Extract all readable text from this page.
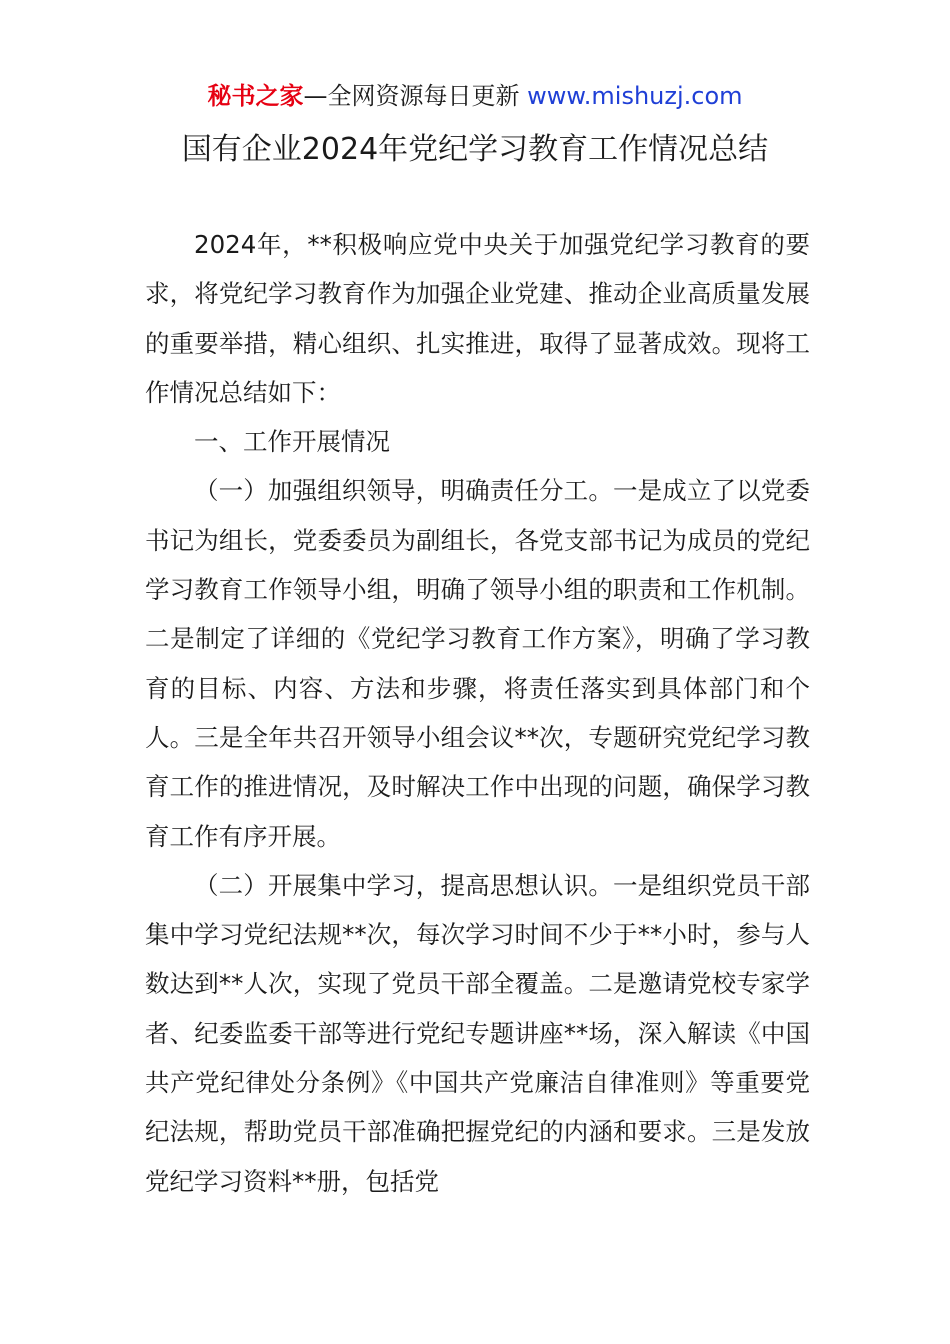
秘书之家—全网资源每日更新 www.mishuzj.com
国有企业2024年党纪学习教育工作情况总结

2024年，**积极响应党中央关于加强党纪学习教育的要求，将党纪学习教育作为加强企业党建、推动企业高质量发展的重要举措，精心组织、扎实推进，取得了显著成效。现将工作情况总结如下：

一、工作开展情况

（一）加强组织领导，明确责任分工。一是成立了以党委书记为组长，党委委员为副组长，各党支部书记为成员的党纪学习教育工作领导小组，明确了领导小组的职责和工作机制。二是制定了详细的《党纪学习教育工作方案》，明确了学习教育的目标、内容、方法和步骤，将责任落实到具体部门和个人。三是全年共召开领导小组会议**次，专题研究党纪学习教育工作的推进情况，及时解决工作中出现的问题，确保学习教育工作有序开展。

（二）开展集中学习，提高思想认识。一是组织党员干部集中学习党纪法规**次，每次学习时间不少于**小时，参与人数达到**人次，实现了党员干部全覆盖。二是邀请党校专家学者、纪委监委干部等进行党纪专题讲座**场，深入解读《中国共产党纪律处分条例》《中国共产党廉洁自律准则》等重要党纪法规，帮助党员干部准确把握党纪的内涵和要求。三是发放党纪学习资料**册，包括党
